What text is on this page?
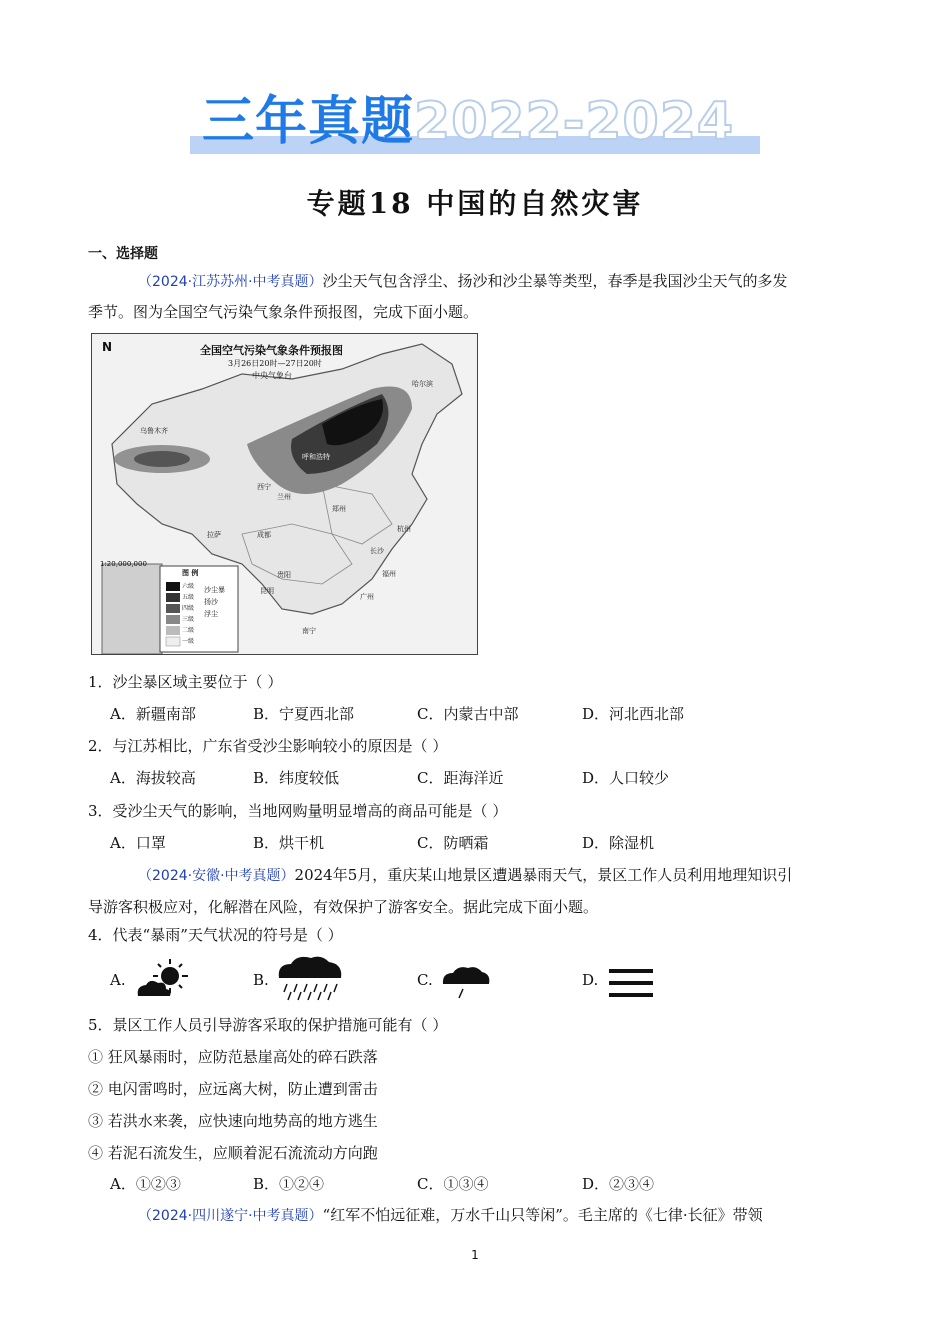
三年真题2022-2024
专题18 中国的自然灾害
一、选择题
（2024·江苏苏州·中考真题）沙尘天气包含浮尘、扬沙和沙尘暴等类型，春季是我国沙尘天气的多发
季节。图为全国空气污染气象条件预报图，完成下面小题。
N	全国空气污染气象条件预报图
3月26日20时—27日20时
中央气象台
1:20,000,000
图 例
六级
五级
四级
三级
二级
一级
沙尘暴
扬沙
浮尘
乌鲁木齐
呼和浩特
西宁
兰州
拉萨	成都
贵阳
昆明
南宁
郑州
杭州
长沙
福州
广州
哈尔滨
1．沙尘暴区域主要位于（ ）
A．新疆南部	B．宁夏西北部	C．内蒙古中部	D．河北西北部
2．与江苏相比，广东省受沙尘影响较小的原因是（ ）
A．海拔较高	B．纬度较低	C．距海洋近	D．人口较少
3．受沙尘天气的影响，当地网购量明显增高的商品可能是（ ）
A．口罩	B．烘干机	C．防晒霜	D．除湿机
（2024·安徽·中考真题）2024年5月，重庆某山地景区遭遇暴雨天气，景区工作人员利用地理知识引
导游客积极应对，化解潜在风险，有效保护了游客安全。据此完成下面小题。
4．代表“暴雨”天气状况的符号是（ ）
A.	B.	C.	D.
5．景区工作人员引导游客采取的保护措施可能有（ ）
① 狂风暴雨时，应防范悬崖高处的碎石跌落
② 电闪雷鸣时，应远离大树，防止遭到雷击
③ 若洪水来袭，应快速向地势高的地方逃生
④ 若泥石流发生，应顺着泥石流流动方向跑
A．①②③	B．①②④	C．①③④	D．②③④
（2024·四川遂宁·中考真题）“红军不怕远征难，万水千山只等闲”。毛主席的《七律·长征》带领
1
